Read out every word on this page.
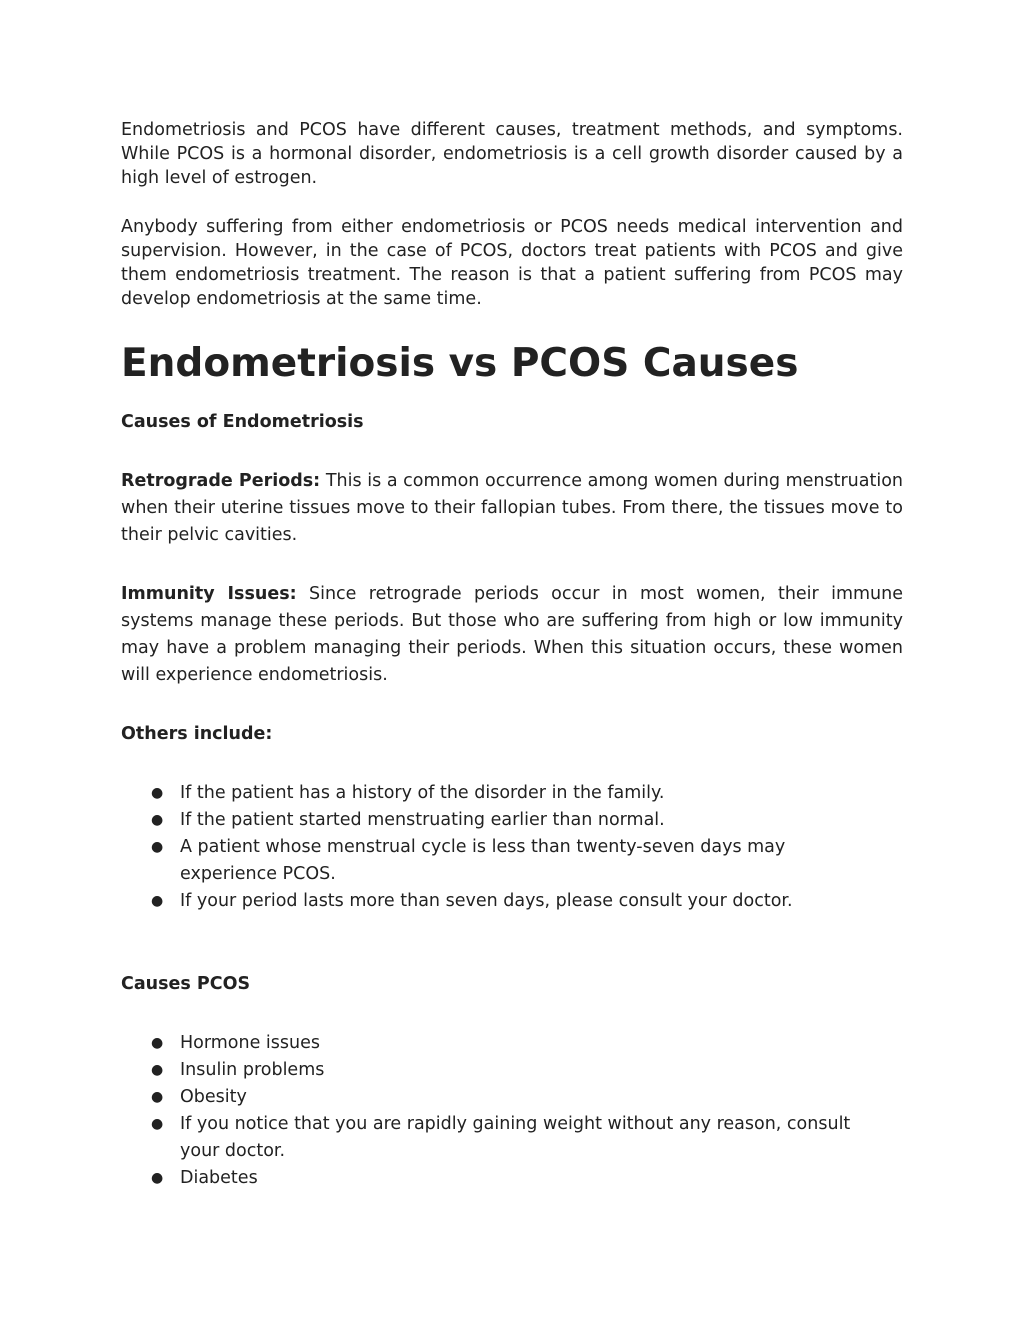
Endometriosis and PCOS have different causes, treatment methods, and symptoms. While PCOS is a hormonal disorder, endometriosis is a cell growth disorder caused by a high level of estrogen.

Anybody suffering from either endometriosis or PCOS needs medical intervention and supervision. However, in the case of PCOS, doctors treat patients with PCOS and give them endometriosis treatment. The reason is that a patient suffering from PCOS may develop endometriosis at the same time.

Endometriosis vs PCOS Causes

Causes of Endometriosis

Retrograde Periods: This is a common occurrence among women during menstruation when their uterine tissues move to their fallopian tubes. From there, the tissues move to their pelvic cavities.

Immunity Issues: Since retrograde periods occur in most women, their immune systems manage these periods. But those who are suffering from high or low immunity may have a problem managing their periods. When this situation occurs, these women will experience endometriosis.

Others include:

● If the patient has a history of the disorder in the family.
● If the patient started menstruating earlier than normal.
● A patient whose menstrual cycle is less than twenty-seven days may experience PCOS.
● If your period lasts more than seven days, please consult your doctor.

Causes PCOS

● Hormone issues
● Insulin problems
● Obesity
● If you notice that you are rapidly gaining weight without any reason, consult your doctor.
● Diabetes
